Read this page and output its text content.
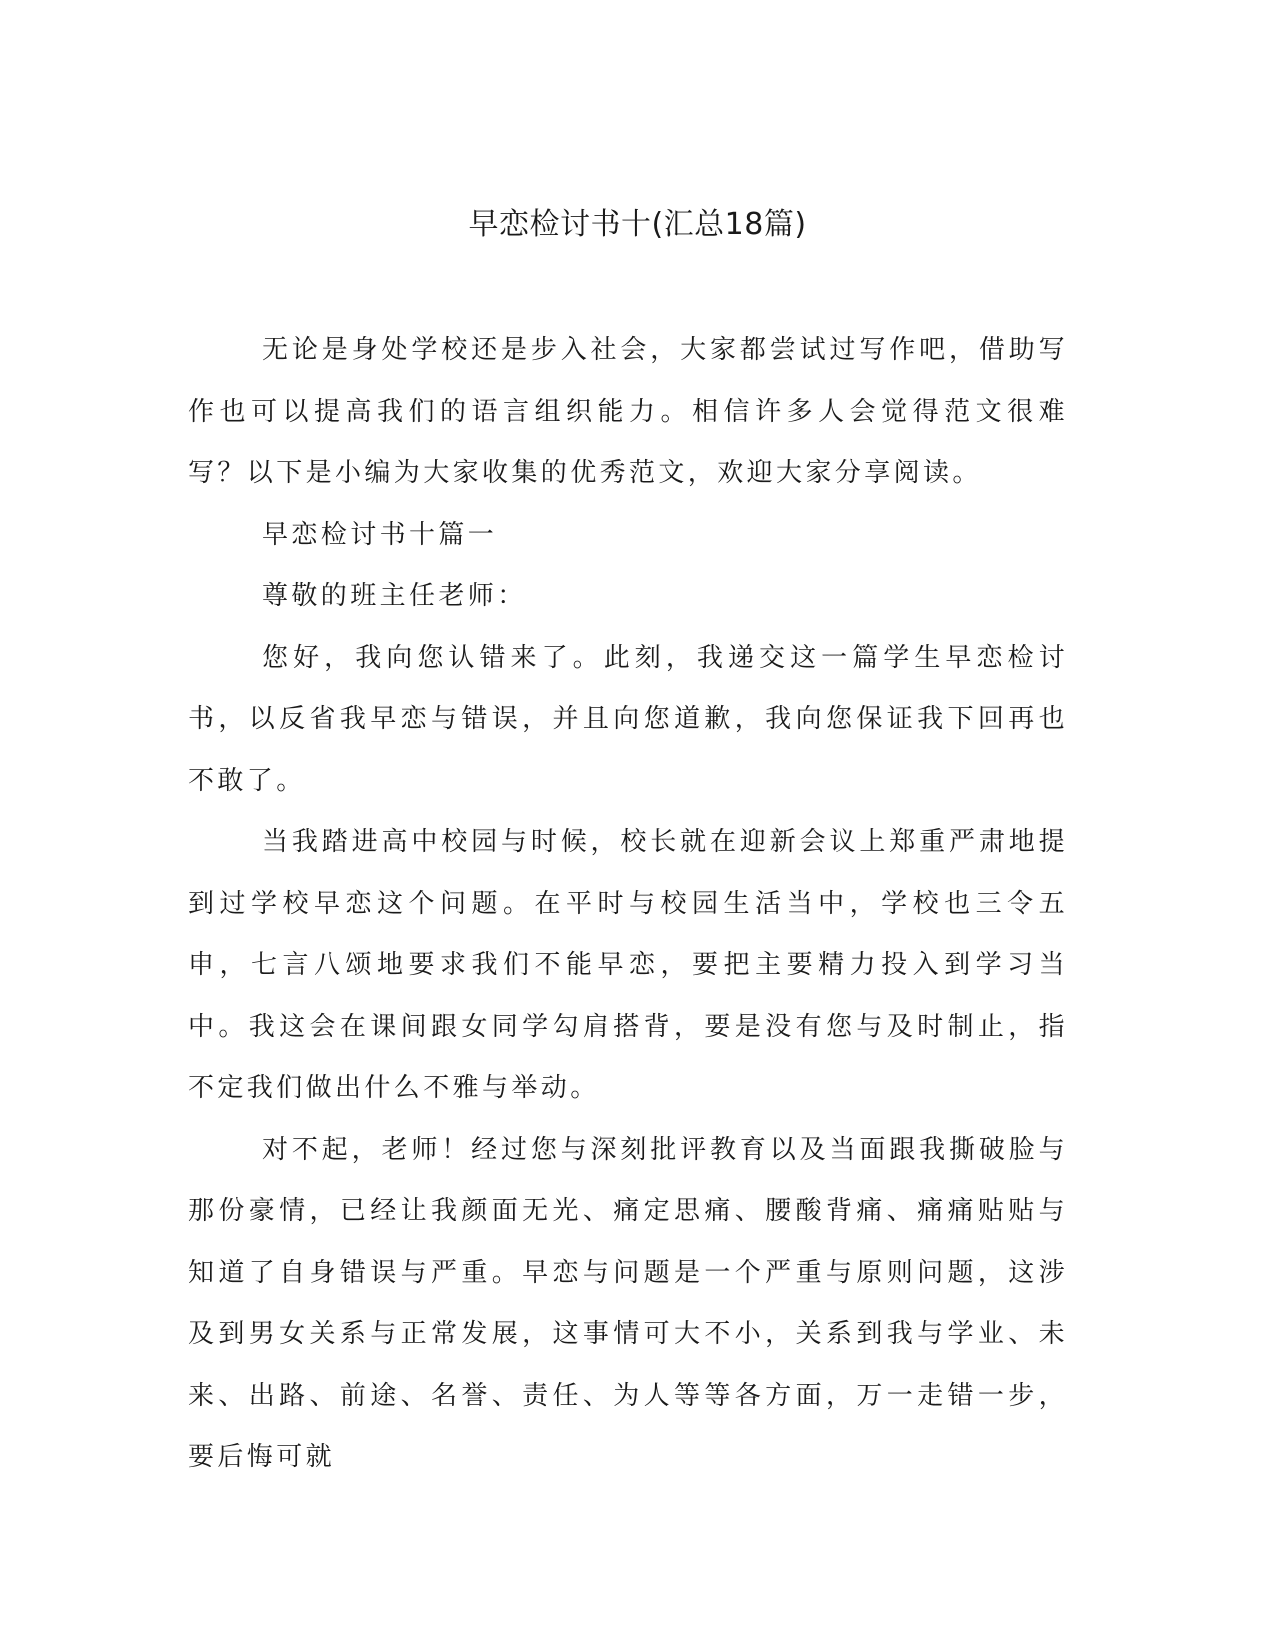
早恋检讨书十(汇总18篇)

无论是身处学校还是步入社会，大家都尝试过写作吧，借助写作也可以提高我们的语言组织能力。相信许多人会觉得范文很难写？以下是小编为大家收集的优秀范文，欢迎大家分享阅读。

早恋检讨书十篇一

尊敬的班主任老师：

您好，我向您认错来了。此刻，我递交这一篇学生早恋检讨书，以反省我早恋与错误，并且向您道歉，我向您保证我下回再也不敢了。

当我踏进高中校园与时候，校长就在迎新会议上郑重严肃地提到过学校早恋这个问题。在平时与校园生活当中，学校也三令五申，七言八颂地要求我们不能早恋，要把主要精力投入到学习当中。我这会在课间跟女同学勾肩搭背，要是没有您与及时制止，指不定我们做出什么不雅与举动。

对不起，老师！经过您与深刻批评教育以及当面跟我撕破脸与那份豪情，已经让我颜面无光、痛定思痛、腰酸背痛、痛痛贴贴与知道了自身错误与严重。早恋与问题是一个严重与原则问题，这涉及到男女关系与正常发展，这事情可大不小，关系到我与学业、未来、出路、前途、名誉、责任、为人等等各方面，万一走错一步，要后悔可就
